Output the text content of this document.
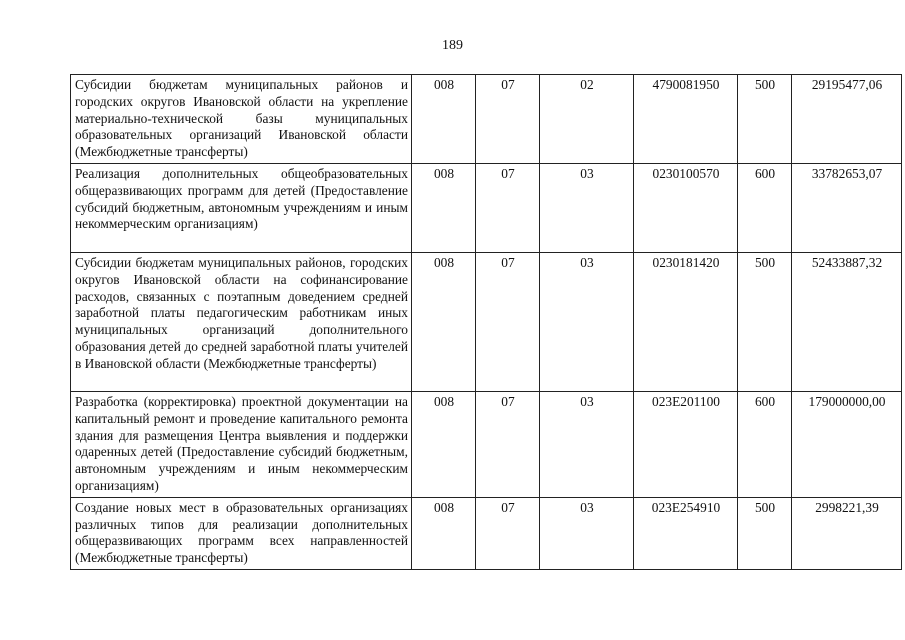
189
Субсидии бюджетам муниципальных районов и городских округов Ивановской области на укрепление материально-технической базы муниципальных образовательных организаций Ивановской области (Межбюджетные трансферты)	008	07	02	4790081950	500	29195477,06
Реализация дополнительных общеобразовательных общеразвивающих программ для детей (Предоставление субсидий бюджетным, автономным учреждениям и иным некоммерческим организациям)	008	07	03	0230100570	600	33782653,07
Субсидии бюджетам муниципальных районов, городских округов Ивановской области на софинансирование расходов, связанных с поэтапным доведением средней заработной платы педагогическим работникам иных муниципальных организаций дополнительного образования детей до средней заработной платы учителей в Ивановской области (Межбюджетные трансферты)	008	07	03	0230181420	500	52433887,32
Разработка (корректировка) проектной документации на капитальный ремонт и проведение капитального ремонта здания для размещения Центра выявления и поддержки одаренных детей (Предоставление субсидий бюджетным, автономным учреждениям и иным некоммерческим организациям)	008	07	03	023E201100	600	179000000,00
Создание новых мест в образовательных организациях различных типов для реализации дополнительных общеразвивающих программ всех направленностей (Межбюджетные трансферты)	008	07	03	023E254910	500	2998221,39
